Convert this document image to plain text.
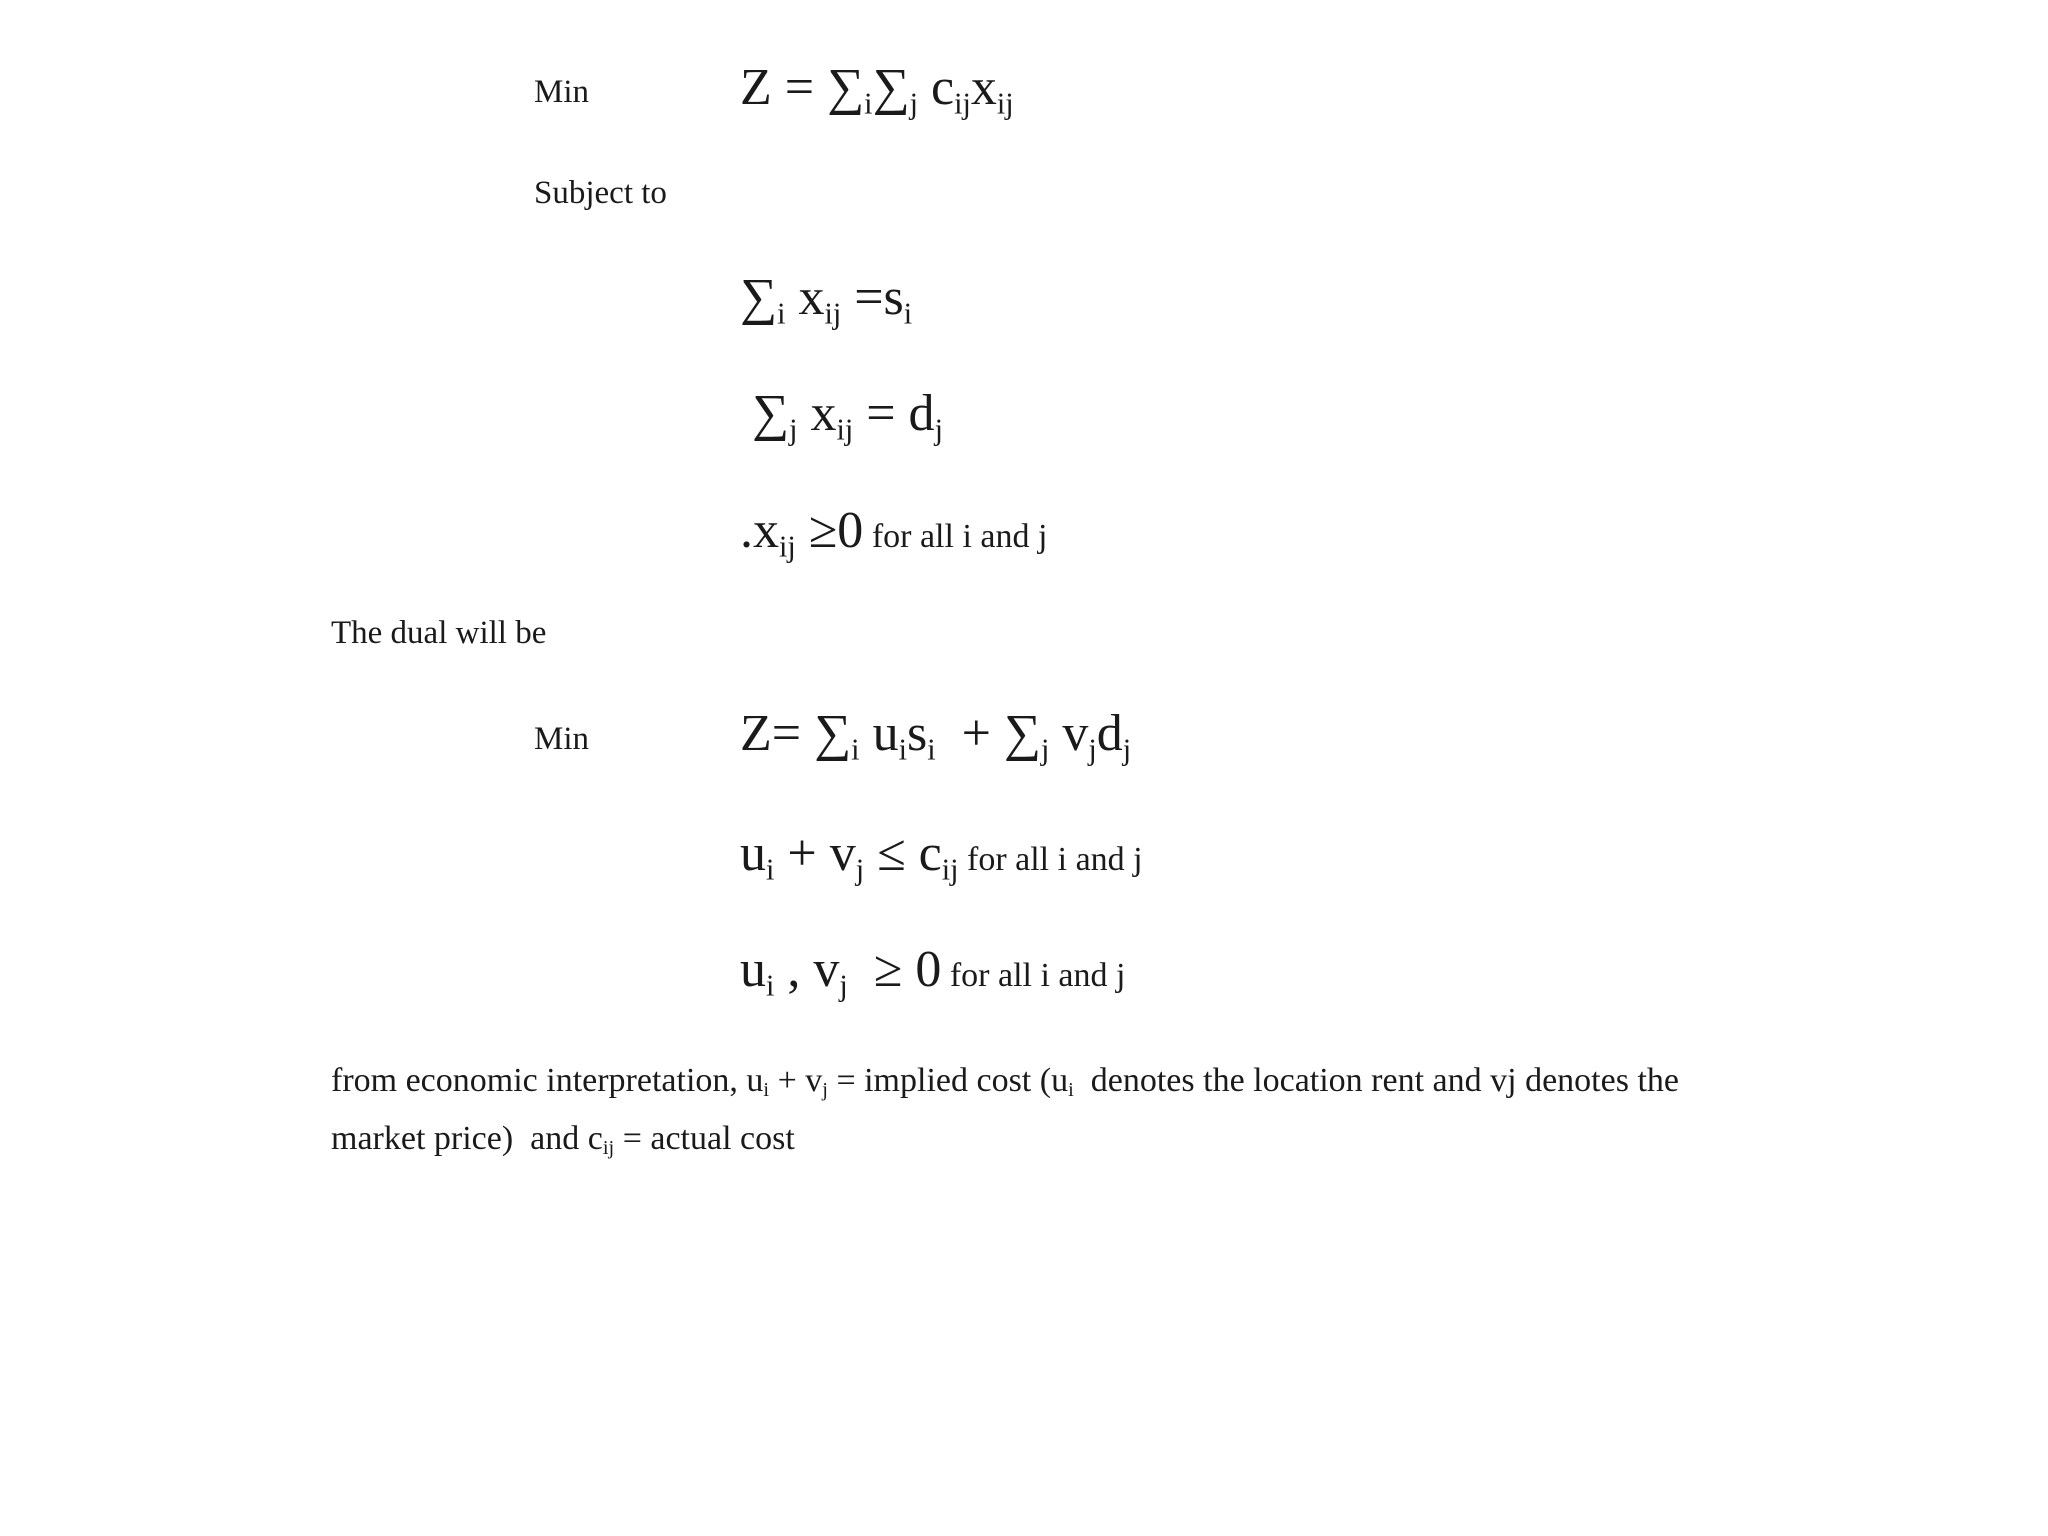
Min	$Z = \sum_i\sum_j$ $c_{ij}x_{ij}$
Subject to
$\sum_i$ $x_{ij} =s_i$
$\sum_j$ $x_{ij} = d_j$
$.x_{ij} \ge 0$ for all i and j
The dual will be
Min	$Z= \sum_i$ $u_is_i + \sum_j$ $v_jd_j$
$u_i + v_j \le c_{ij}$ for all i and j
$u_i$ , $v_j \ge 0$ for all i and j
from economic interpretation, $u_i + v_j$ = implied cost ($u_i$  denotes the location rent and vj denotes the market price)  and $c_{ij}$ = actual cost
